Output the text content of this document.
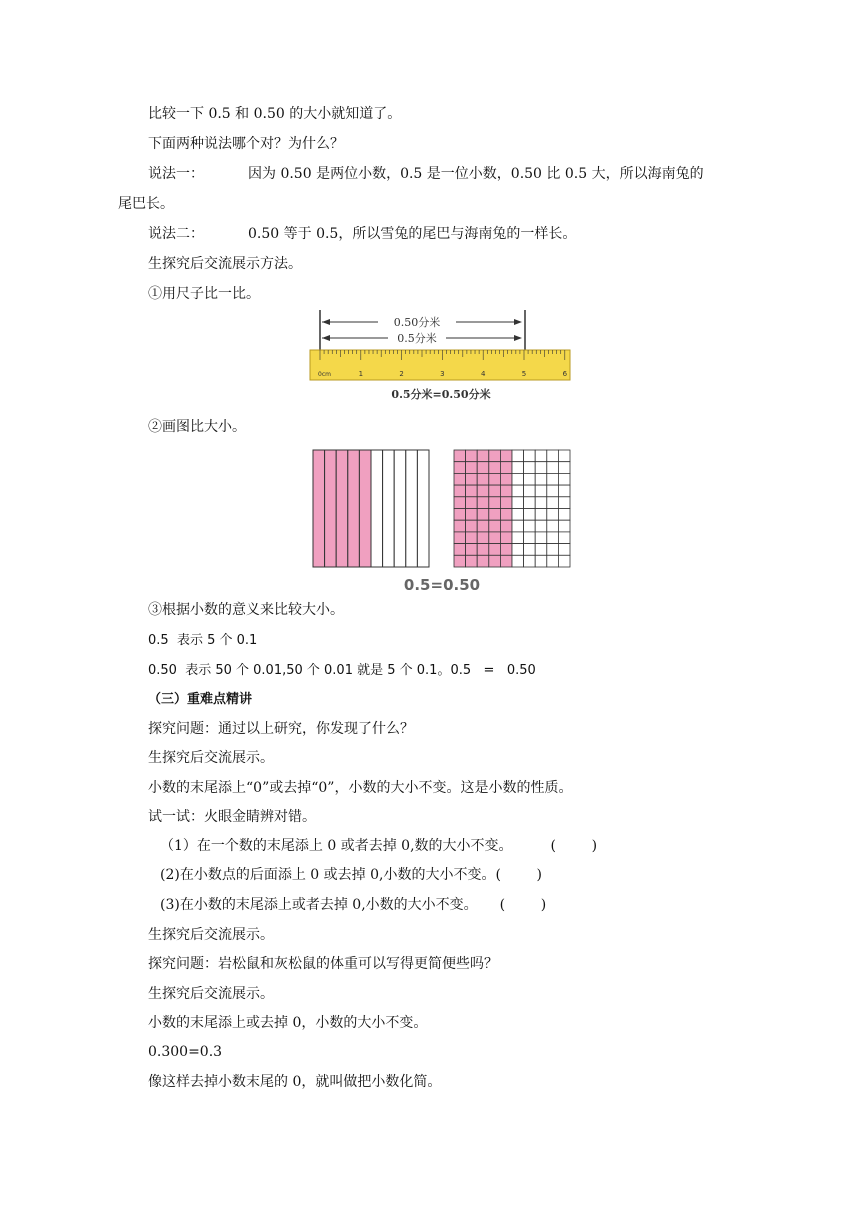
比较一下 0.5 和 0.50 的大小就知道了。
下面两种说法哪个对？为什么？
说法一：	因为 0.50 是两位小数，0.5 是一位小数，0.50 比 0.5 大，所以海南兔的
尾巴长。
说法二：	0.50 等于 0.5，所以雪兔的尾巴与海南兔的一样长。
生探究后交流展示方法。
①用尺子比一比。
0.50分米
0.5分米
1	2	3	4	5	6
0cm
0.5分米=0.50分米
②画图比大小。
0.5=0.50
③根据小数的意义来比较大小。
0.5  表示 5 个 0.1
0.50  表示 50 个 0.01,50 个 0.01 就是 5 个 0.1。0.5   =   0.50
（三）重难点精讲
探究问题：通过以上研究，你发现了什么？
生探究后交流展示。
小数的末尾添上“0”或去掉“0”，小数的大小不变。这是小数的性质。
试一试：火眼金睛辨对错。
（1）在一个数的末尾添上 0 或者去掉 0,数的大小不变。	(        )
(2)在小数点的后面添上 0 或去掉 0,小数的大小不变。(        )
(3)在小数的末尾添上或者去掉 0,小数的大小不变。 (        )
生探究后交流展示。
探究问题：岩松鼠和灰松鼠的体重可以写得更简便些吗？
生探究后交流展示。
小数的末尾添上或去掉 0，小数的大小不变。
0.300=0.3
像这样去掉小数末尾的 0，就叫做把小数化简。
